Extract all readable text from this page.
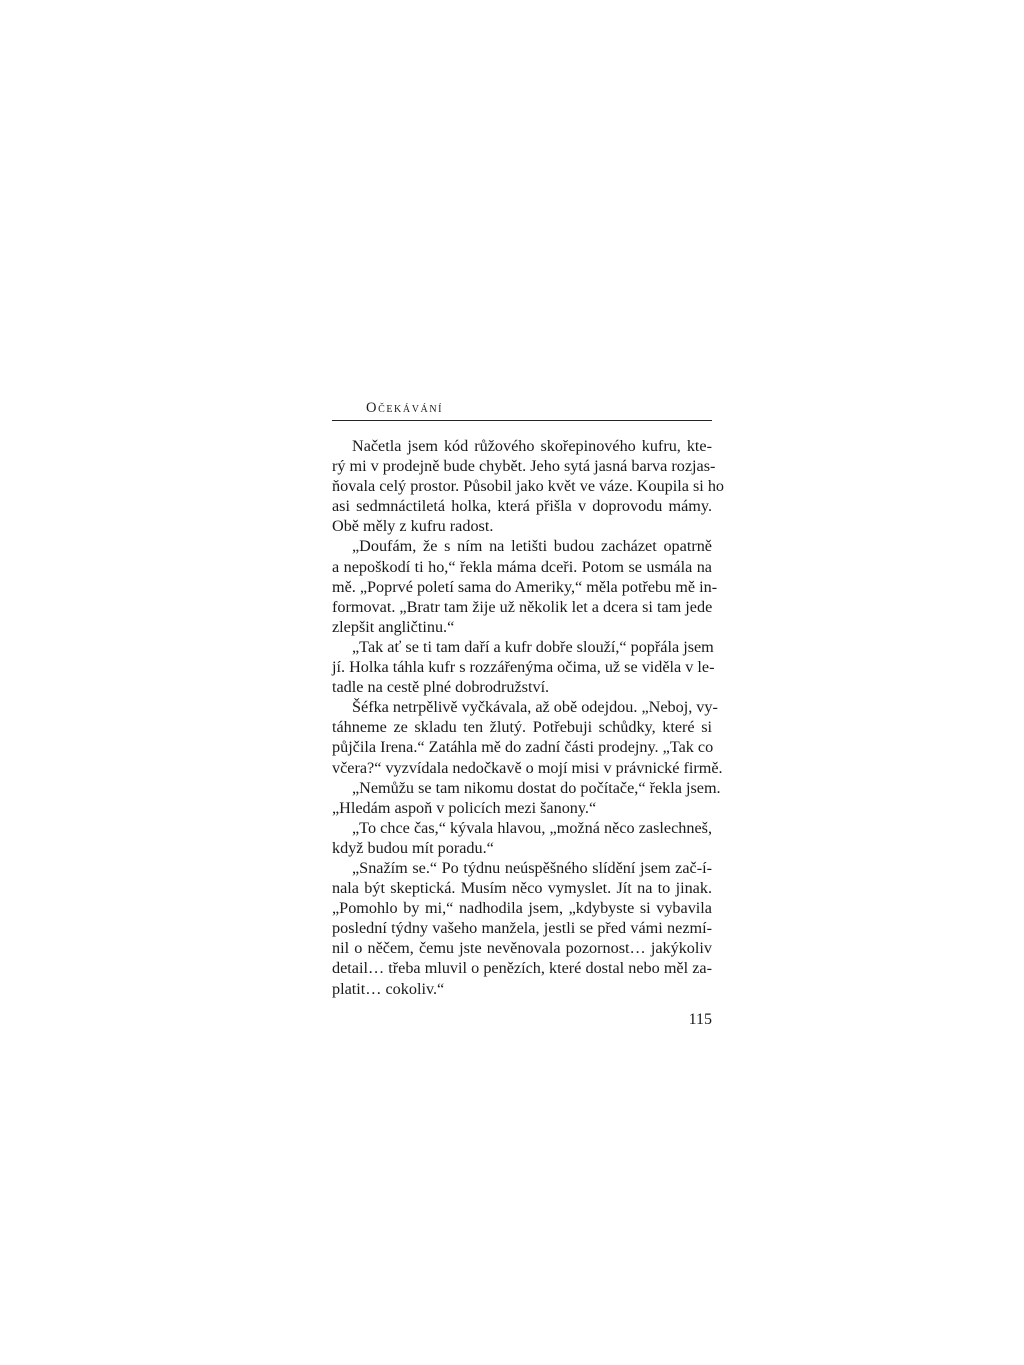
Očekávání
Načetla jsem kód růžového skořepinového kufru, kte-
rý mi v prodejně bude chybět. Jeho sytá jasná barva rozjas-
ňovala celý prostor. Působil jako květ ve váze. Koupila si ho
asi sedmnáctiletá holka, která přišla v doprovodu mámy.
Obě měly z kufru radost.
„Doufám, že s ním na letišti budou zacházet opatrně
a nepoškodí ti ho,“ řekla máma dceři. Potom se usmála na
mě. „Poprvé poletí sama do Ameriky,“ měla potřebu mě in-
formovat. „Bratr tam žije už několik let a dcera si tam jede
zlepšit angličtinu.“
„Tak ať se ti tam daří a kufr dobře slouží,“ popřála jsem
jí. Holka táhla kufr s rozzářenýma očima, už se viděla v le-
tadle na cestě plné dobrodružství.
Šéfka netrpělivě vyčkávala, až obě odejdou. „Neboj, vy-
táhneme ze skladu ten žlutý. Potřebuji schůdky, které si
půjčila Irena.“ Zatáhla mě do zadní části prodejny. „Tak co
včera?“ vyzvídala nedočkavě o mojí misi v právnické firmě.
„Nemůžu se tam nikomu dostat do počítače,“ řekla jsem.
„Hledám aspoň v policích mezi šanony.“
„To chce čas,“ kývala hlavou, „možná něco zaslechneš,
když budou mít poradu.“
„Snažím se.“ Po týdnu neúspěšného slídění jsem zač-í-
nala být skeptická. Musím něco vymyslet. Jít na to jinak.
„Pomohlo by mi,“ nadhodila jsem, „kdybyste si vybavila
poslední týdny vašeho manžela, jestli se před vámi nezmí-
nil o něčem, čemu jste nevěnovala pozornost… jakýkoliv
detail… třeba mluvil o penězích, které dostal nebo měl za-
platit… cokoliv.“
115
